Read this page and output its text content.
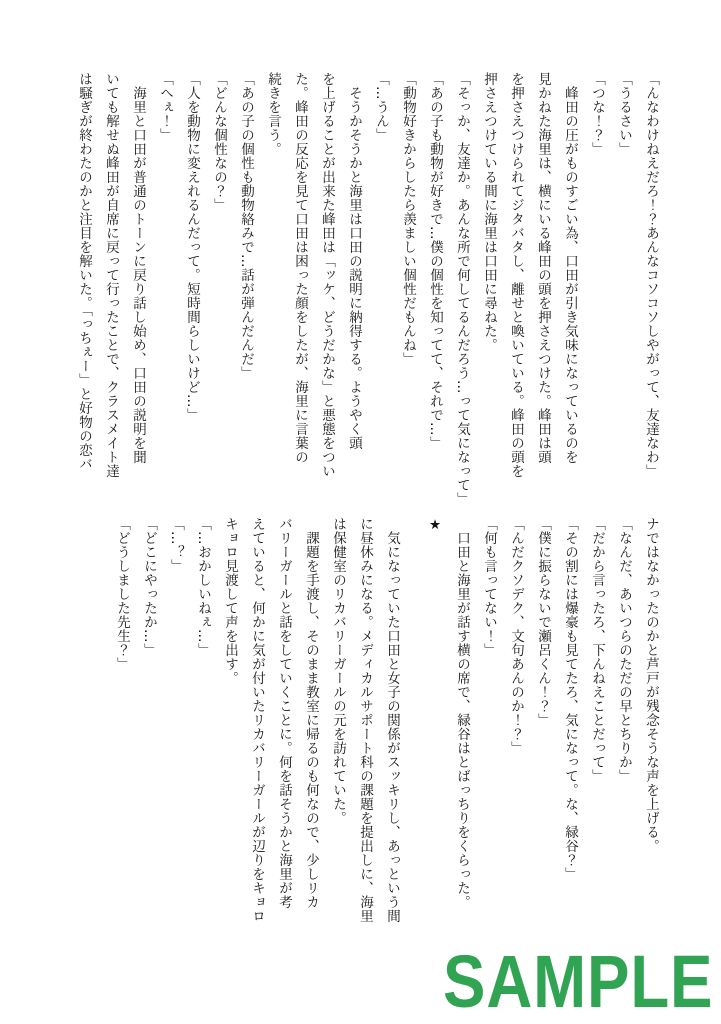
「んなわけねえだろ！？あんなコソコソしやがって、友達なわ」

「うるさい」

「つな！？」

　峰田の圧がものすごい為、口田が引き気味になっているのを

見かねた海里は、横にいる峰田の頭を押さえつけた。峰田は頭

を押さえつけられてジタバタし、離せと喚いている。峰田の頭を

押さえつけている間に海里は口田に尋ねた。

「そっか、友達か。あんな所で何してるんだろう…って気になって」

「あの子も動物が好きで…僕の個性を知ってて、それで…」

「動物好きからしたら羨ましい個性だもんね」

「…うん」

　そうかそうかと海里は口田の説明に納得する。ようやく頭

を上げることが出来た峰田は「ッケ、どうだかな」と悪態をつい

た。峰田の反応を見て口田は困った顔をしたが、海里に言葉の

続きを言う。

「あの子の個性も動物絡みで…話が弾んだんだ」

「どんな個性なの？」

「人を動物に変えれるんだって。短時間らしいけど…」

「へぇ！」

　海里と口田が普通のトーンに戻り話し始め、口田の説明を聞

いても解せぬ峰田が自席に戻って行ったことで、クラスメイト達

は騒ぎが終わたのかと注目を解いた。「っちぇー」と好物の恋バ

ナではなかったのかと芦戸が残念そうな声を上げる。

「なんだ、あいつらのただの早とちりか」

「だから言ったろ、下んねえことだって」

「その割には爆豪も見てたろ、気になって。な、緑谷？」

「僕に振らないで瀬呂くん！？」

「んだクソデク、文句あんのか！？」

「何も言ってない！」

　口田と海里が話す横の席で、緑谷はとばっちりをくらった。

★

　気になっていた口田と女子の関係がスッキリし、あっという間

に昼休みになる。メディカルサポート科の課題を提出しに、海里

は保健室のリカバリーガールの元を訪れていた。

　課題を手渡し、そのまま教室に帰るのも何なので、少しリカ

バリーガールと話をしていくことに。何を話そうかと海里が考

えていると、何かに気が付いたリカバリーガールが辺りをキョロ

キョロ見渡して声を出す。

「…おかしいねぇ…」

「…？」

「どこにやったか…」

「どうしました先生？」

SAMPLE
